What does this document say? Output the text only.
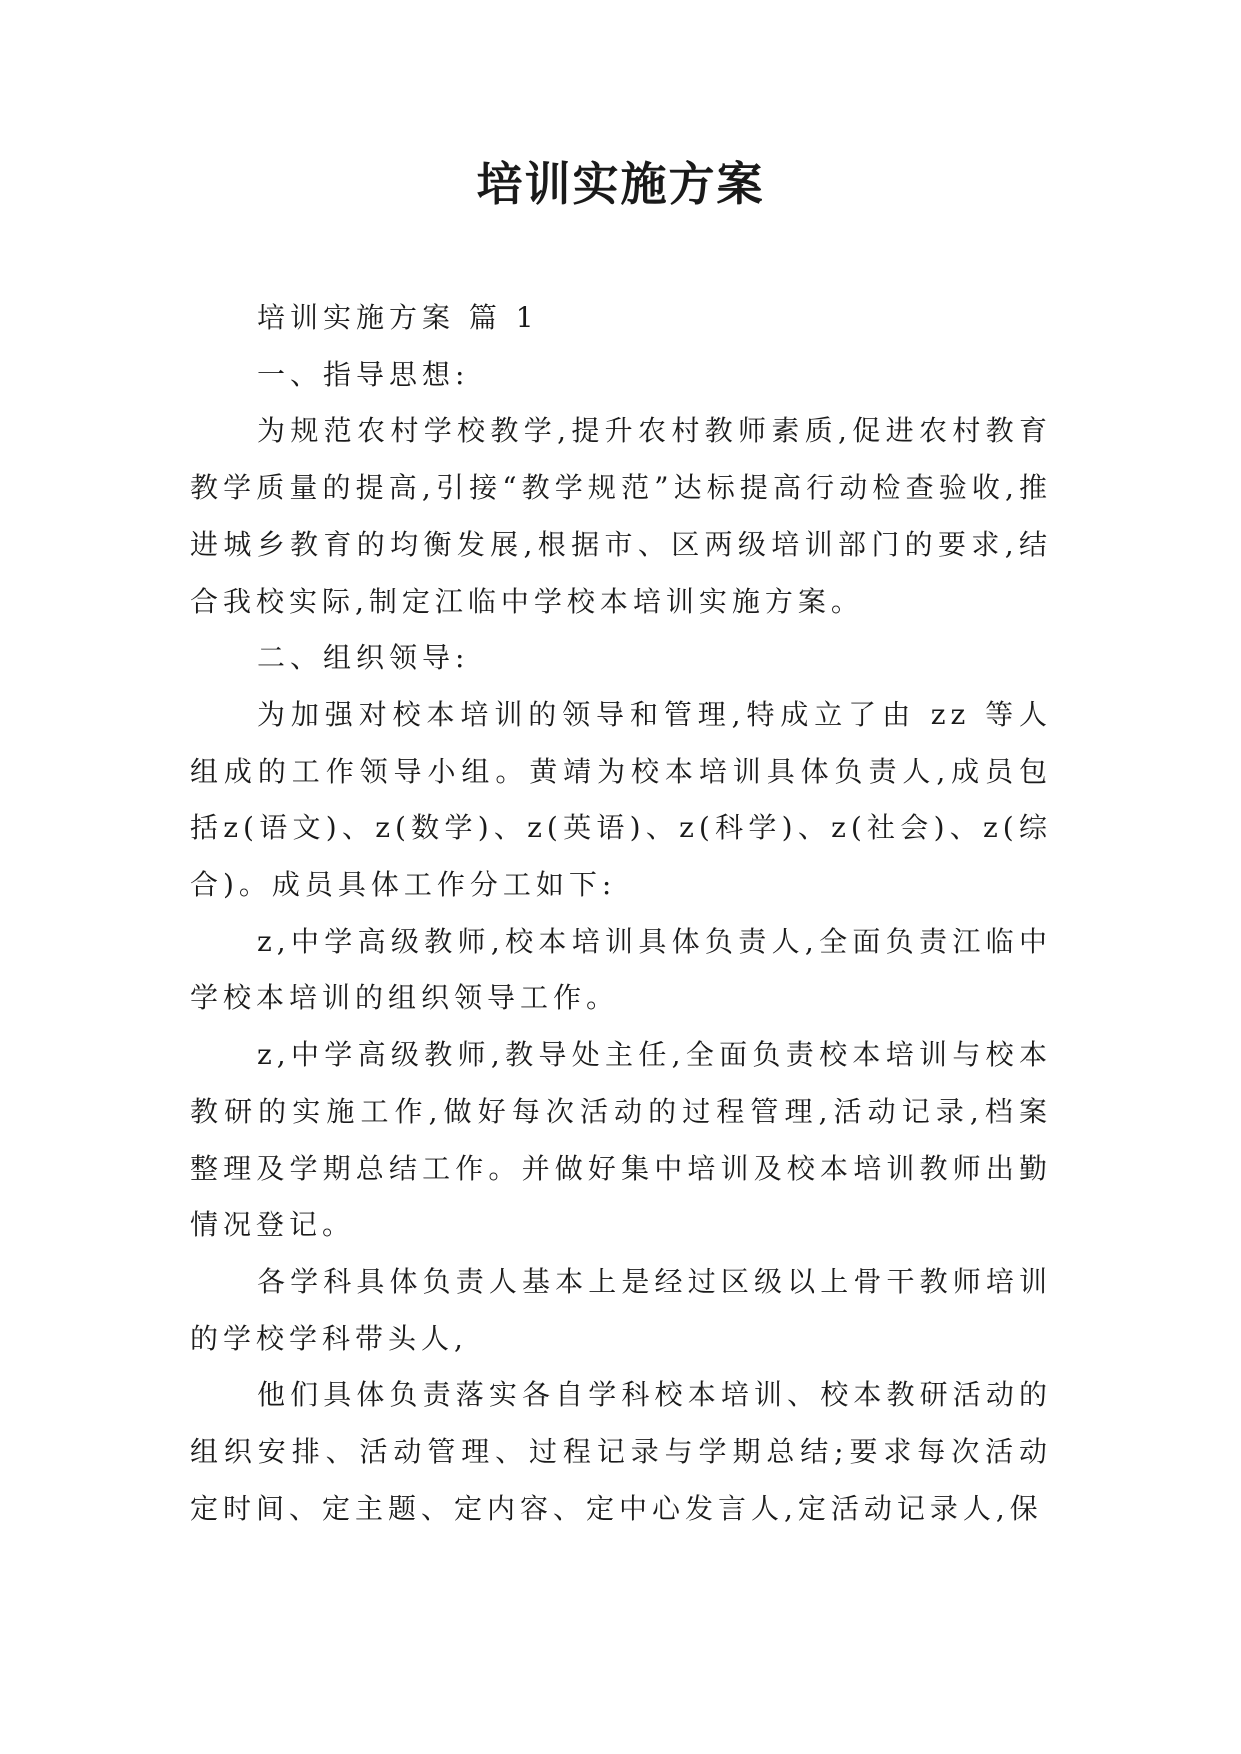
培训实施方案

培训实施方案 篇 1

一、指导思想:

为规范农村学校教学,提升农村教师素质,促进农村教育教学质量的提高,引接“教学规范”达标提高行动检查验收,推进城乡教育的均衡发展,根据市、区两级培训部门的要求,结合我校实际,制定江临中学校本培训实施方案。

二、组织领导:

为加强对校本培训的领导和管理,特成立了由 zz 等人组成的工作领导小组。黄靖为校本培训具体负责人,成员包括z(语文)、z(数学)、z(英语)、z(科学)、z(社会)、z(综合)。成员具体工作分工如下:

z,中学高级教师,校本培训具体负责人,全面负责江临中学校本培训的组织领导工作。

z,中学高级教师,教导处主任,全面负责校本培训与校本教研的实施工作,做好每次活动的过程管理,活动记录,档案整理及学期总结工作。并做好集中培训及校本培训教师出勤情况登记。

各学科具体负责人基本上是经过区级以上骨干教师培训的学校学科带头人,

他们具体负责落实各自学科校本培训、校本教研活动的组织安排、活动管理、过程记录与学期总结;要求每次活动定时间、定主题、定内容、定中心发言人,定活动记录人,保
